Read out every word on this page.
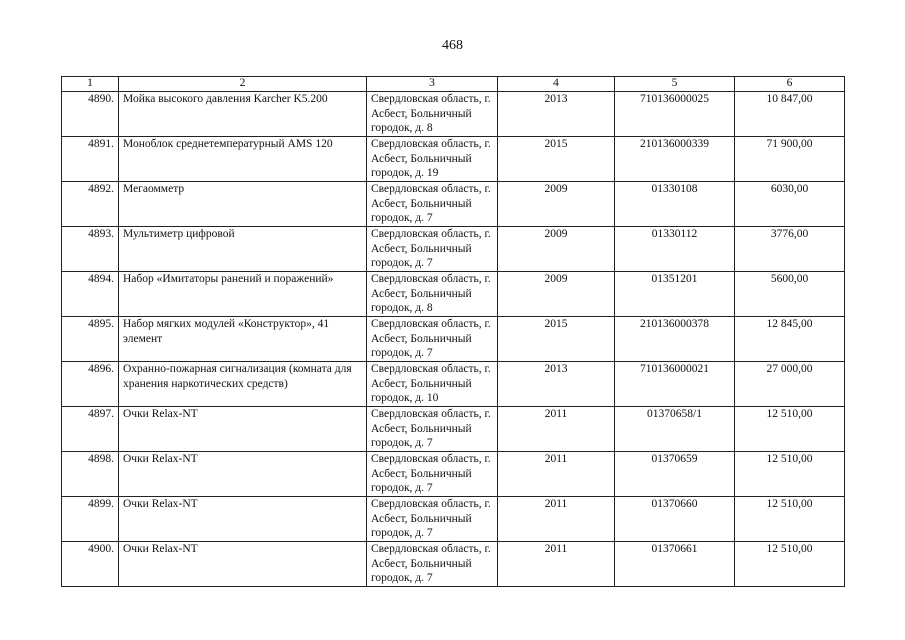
468
1	2	3	4	5	6
4890.	Мойка высокого давления Karcher K5.200	Свердловская область, г. Асбест, Больничный городок, д. 8	2013	710136000025	10 847,00
4891.	Моноблок среднетемпературный AMS 120	Свердловская область, г. Асбест, Больничный городок, д. 19	2015	210136000339	71 900,00
4892.	Мегаомметр	Свердловская область, г. Асбест, Больничный городок, д. 7	2009	01330108	6030,00
4893.	Мультиметр цифровой	Свердловская область, г. Асбест, Больничный городок, д. 7	2009	01330112	3776,00
4894.	Набор «Имитаторы ранений и поражений»	Свердловская область, г. Асбест, Больничный городок, д. 8	2009	01351201	5600,00
4895.	Набор мягких модулей «Конструктор», 41 элемент	Свердловская область, г. Асбест, Больничный городок, д. 7	2015	210136000378	12 845,00
4896.	Охранно-пожарная сигнализация (комната для хранения наркотических средств)	Свердловская область, г. Асбест, Больничный городок, д. 10	2013	710136000021	27 000,00
4897.	Очки Relax-NT	Свердловская область, г. Асбест, Больничный городок, д. 7	2011	01370658/1	12 510,00
4898.	Очки Relax-NT	Свердловская область, г. Асбест, Больничный городок, д. 7	2011	01370659	12 510,00
4899.	Очки Relax-NT	Свердловская область, г. Асбест, Больничный городок, д. 7	2011	01370660	12 510,00
4900.	Очки Relax-NT	Свердловская область, г. Асбест, Больничный городок, д. 7	2011	01370661	12 510,00
